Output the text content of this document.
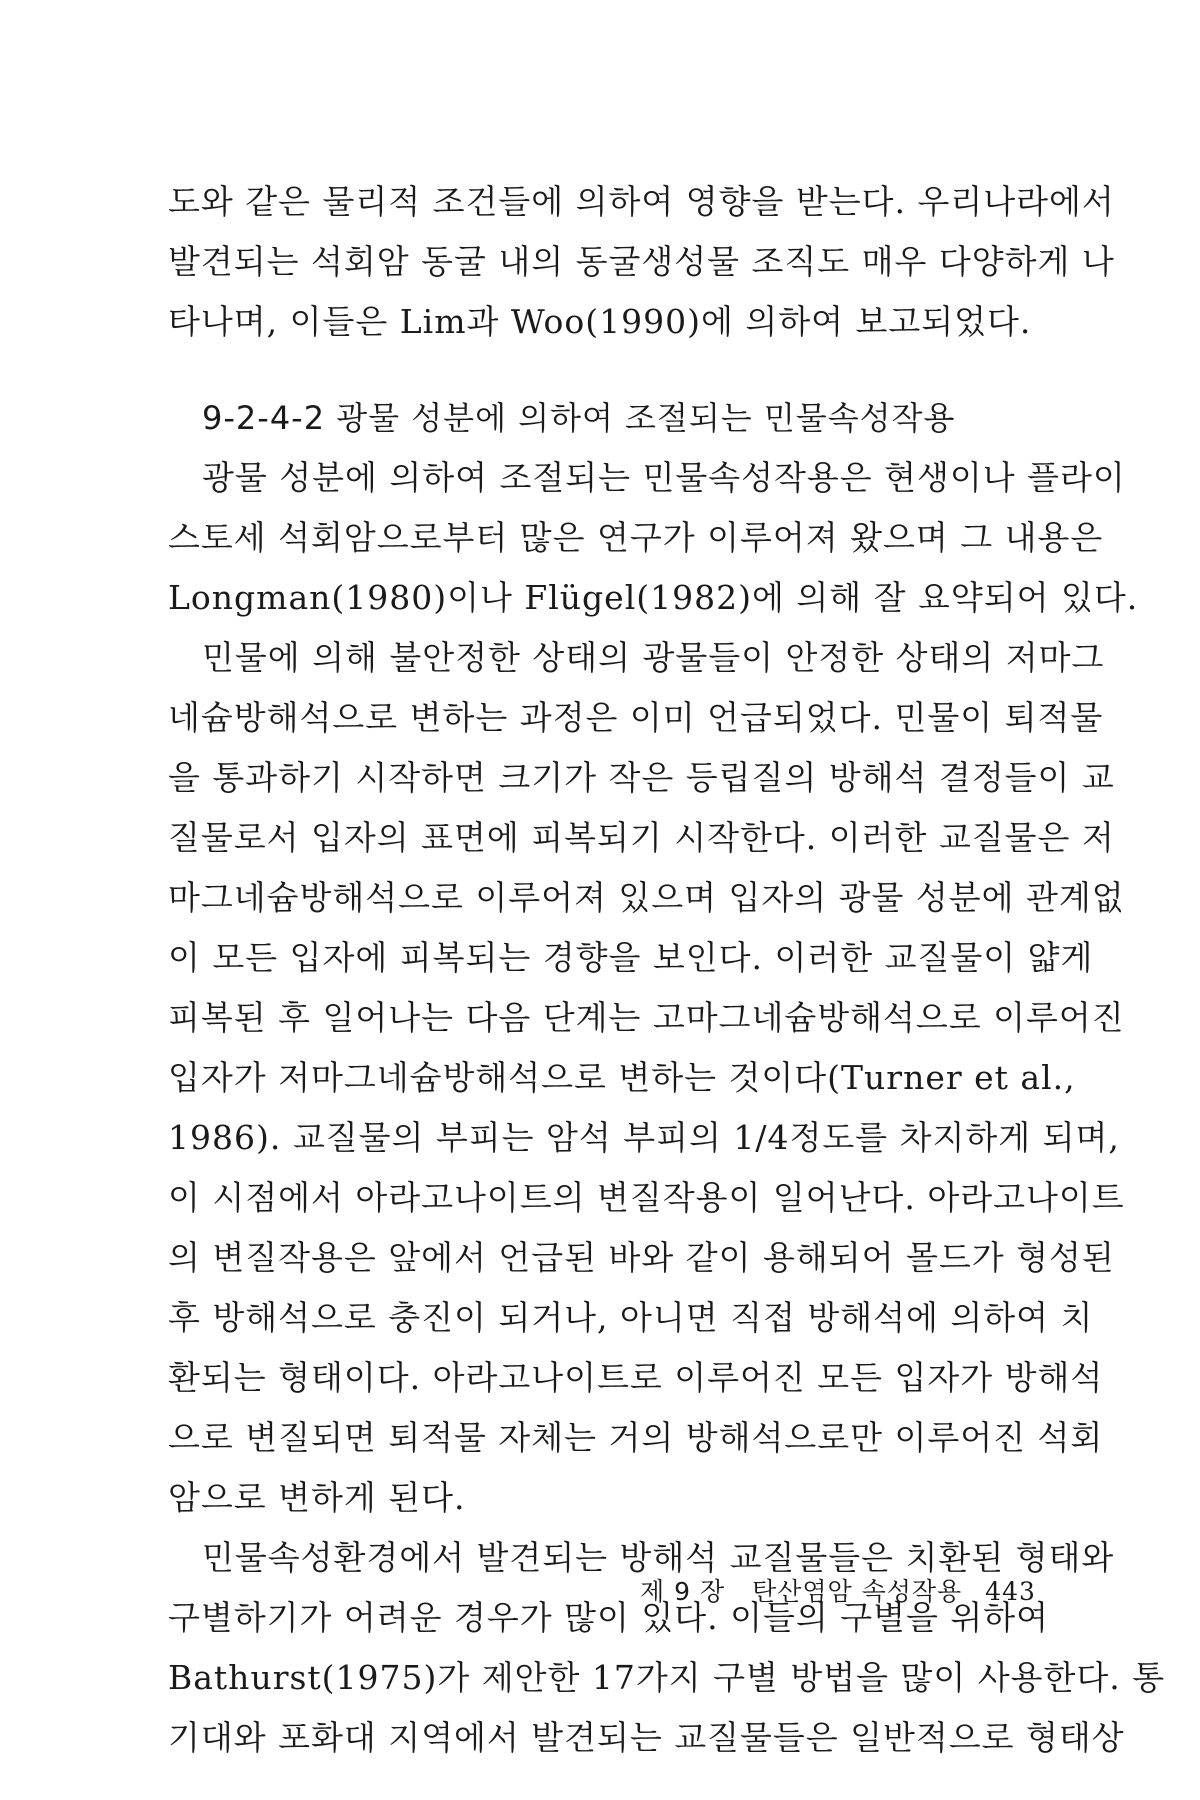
도와 같은 물리적 조건들에 의하여 영향을 받는다. 우리나라에서
발견되는 석회암 동굴 내의 동굴생성물 조직도 매우 다양하게 나
타나며, 이들은 Lim과 Woo(1990)에 의하여 보고되었다.
9-2-4-2 광물 성분에 의하여 조절되는 민물속성작용
광물 성분에 의하여 조절되는 민물속성작용은 현생이나 플라이
스토세 석회암으로부터 많은 연구가 이루어져 왔으며 그 내용은
Longman(1980)이나 Flügel(1982)에 의해 잘 요약되어 있다.
민물에 의해 불안정한 상태의 광물들이 안정한 상태의 저마그
네슘방해석으로 변하는 과정은 이미 언급되었다. 민물이 퇴적물
을 통과하기 시작하면 크기가 작은 등립질의 방해석 결정들이 교
질물로서 입자의 표면에 피복되기 시작한다. 이러한 교질물은 저
마그네슘방해석으로 이루어져 있으며 입자의 광물 성분에 관계없
이 모든 입자에 피복되는 경향을 보인다. 이러한 교질물이 얇게
피복된 후 일어나는 다음 단계는 고마그네슘방해석으로 이루어진
입자가 저마그네슘방해석으로 변하는 것이다(Turner et al.,
1986). 교질물의 부피는 암석 부피의 1/4정도를 차지하게 되며,
이 시점에서 아라고나이트의 변질작용이 일어난다. 아라고나이트
의 변질작용은 앞에서 언급된 바와 같이 용해되어 몰드가 형성된
후 방해석으로 충진이 되거나, 아니면 직접 방해석에 의하여 치
환되는 형태이다. 아라고나이트로 이루어진 모든 입자가 방해석
으로 변질되면 퇴적물 자체는 거의 방해석으로만 이루어진 석회
암으로 변하게 된다.
민물속성환경에서 발견되는 방해석 교질물들은 치환된 형태와
구별하기가 어려운 경우가 많이 있다. 이들의 구별을 위하여
Bathurst(1975)가 제안한 17가지 구별 방법을 많이 사용한다. 통
기대와 포화대 지역에서 발견되는 교질물들은 일반적으로 형태상
제 9 장 탄산염암 속성작용 443
